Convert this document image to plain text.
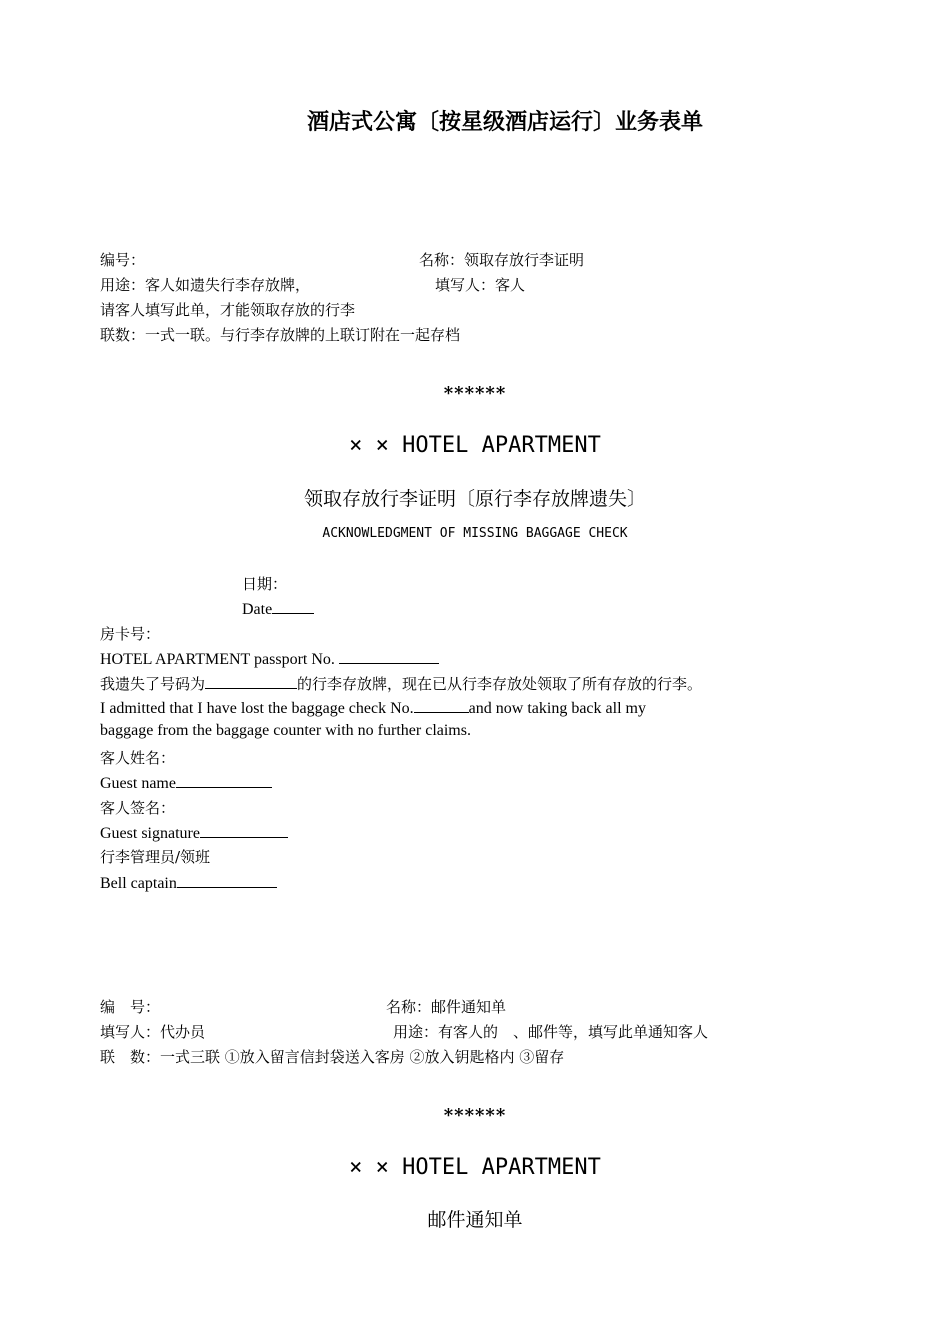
酒店式公寓〔按星级酒店运行〕业务表单
编号：	名称：领取存放行李证明
用途：客人如遗失行李存放牌，	填写人：客人
请客人填写此单，才能领取存放的行李
联数：一式一联。与行李存放牌的上联订附在一起存档
******
× × HOTEL APARTMENT
领取存放行李证明〔原行李存放牌遗失〕
ACKNOWLEDGMENT OF MISSING BAGGAGE CHECK
日期：
Date
房卡号：
HOTEL APARTMENT passport No.
我遗失了号码为	的行李存放牌，现在已从行李存放处领取了所有存放的行李。
I admitted that I have lost the baggage check No.	and now taking back all my
baggage from the baggage counter with no further claims.
客人姓名：
Guest name
客人签名：
Guest signature
行李管理员/领班
Bell captain
编　号：	名称：邮件通知单
填写人：代办员	用途：有客人的　、邮件等，填写此单通知客人
联　数：一式三联 ①放入留言信封袋送入客房 ②放入钥匙格内 ③留存
******
× × HOTEL APARTMENT
邮件通知单
